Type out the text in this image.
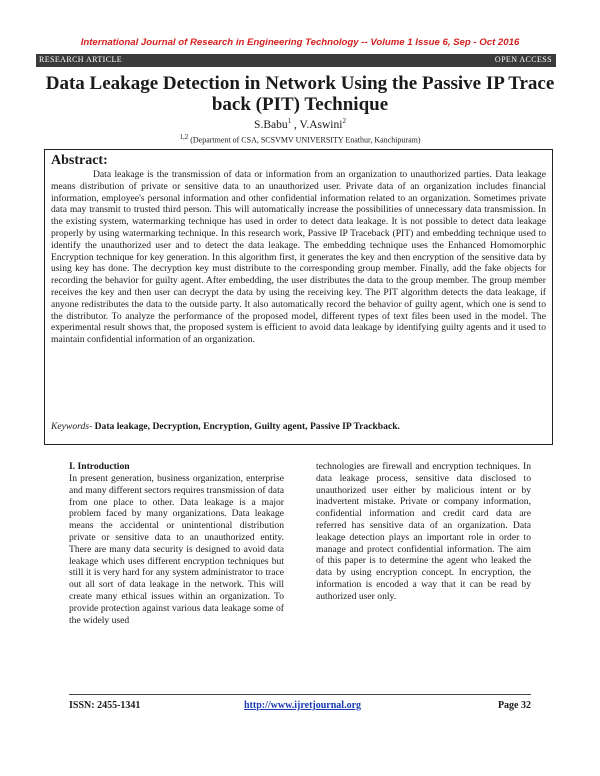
International Journal of Research in Engineering Technology -- Volume 1 Issue 6, Sep - Oct 2016
RESEARCH ARTICLE	OPEN ACCESS
Data Leakage Detection in Network Using the Passive IP Trace back (PIT) Technique
S.Babu$^1$ , V.Aswini$^2$
$^{1,2}$ (Department of CSA, SCSVMV UNIVERSITY Enathur, Kanchipuram)
Abstract:

Data leakage is the transmission of data or information from an organization to unauthorized parties. Data leakage means distribution of private or sensitive data to an unauthorized user. Private data of an organization includes financial information, employee's personal information and other confidential information related to an organization. Sometimes private data may transmit to trusted third person. This will automatically increase the possibilities of unnecessary data transmission. In the existing system, watermarking technique has used in order to detect data leakage. It is not possible to detect data leakage properly by using watermarking technique. In this research work, Passive IP Traceback (PIT) and embedding technique used to identify the unauthorized user and to detect the data leakage. The embedding technique uses the Enhanced Homomorphic Encryption technique for key generation. In this algorithm first, it generates the key and then encryption of the sensitive data by using key has done. The decryption key must distribute to the corresponding group member. Finally, add the fake objects for recording the behavior for guilty agent. After embedding, the user distributes the data to the group member. The group member receives the key and then user can decrypt the data by using the receiving key. The PIT algorithm detects the data leakage, if anyone redistributes the data to the outside party. It also automatically record the behavior of guilty agent, which one is send to the distributor. To analyze the performance of the proposed model, different types of text files been used in the model. The experimental result shows that, the proposed system is efficient to avoid data leakage by identifying guilty agents and it used to maintain confidential information of an organization.

Keywords- Data leakage, Decryption, Encryption, Guilty agent, Passive IP Trackback.
I. Introduction

In present generation, business organization, enterprise and many different sectors requires transmission of data from one place to other. Data leakage is a major problem faced by many organizations. Data leakage means the accidental or unintentional distribution private or sensitive data to an unauthorized entity. There are many data security is designed to avoid data leakage which uses different encryption techniques but still it is very hard for any system administrator to trace out all sort of data leakage in the network. This will create many ethical issues within an organization. To provide protection against various data leakage some of the widely used

technologies are firewall and encryption techniques. In data leakage process, sensitive data disclosed to unauthorized user either by malicious intent or by inadvertent mistake. Private or company information, confidential information and credit card data are referred has sensitive data of an organization. Data leakage detection plays an important role in order to manage and protect confidential information. The aim of this paper is to determine the agent who leaked the data by using encryption concept. In encryption, the information is encoded a way that it can be read by authorized user only.

ISSN: 2455-1341	http://www.ijretjournal.org	Page 32
